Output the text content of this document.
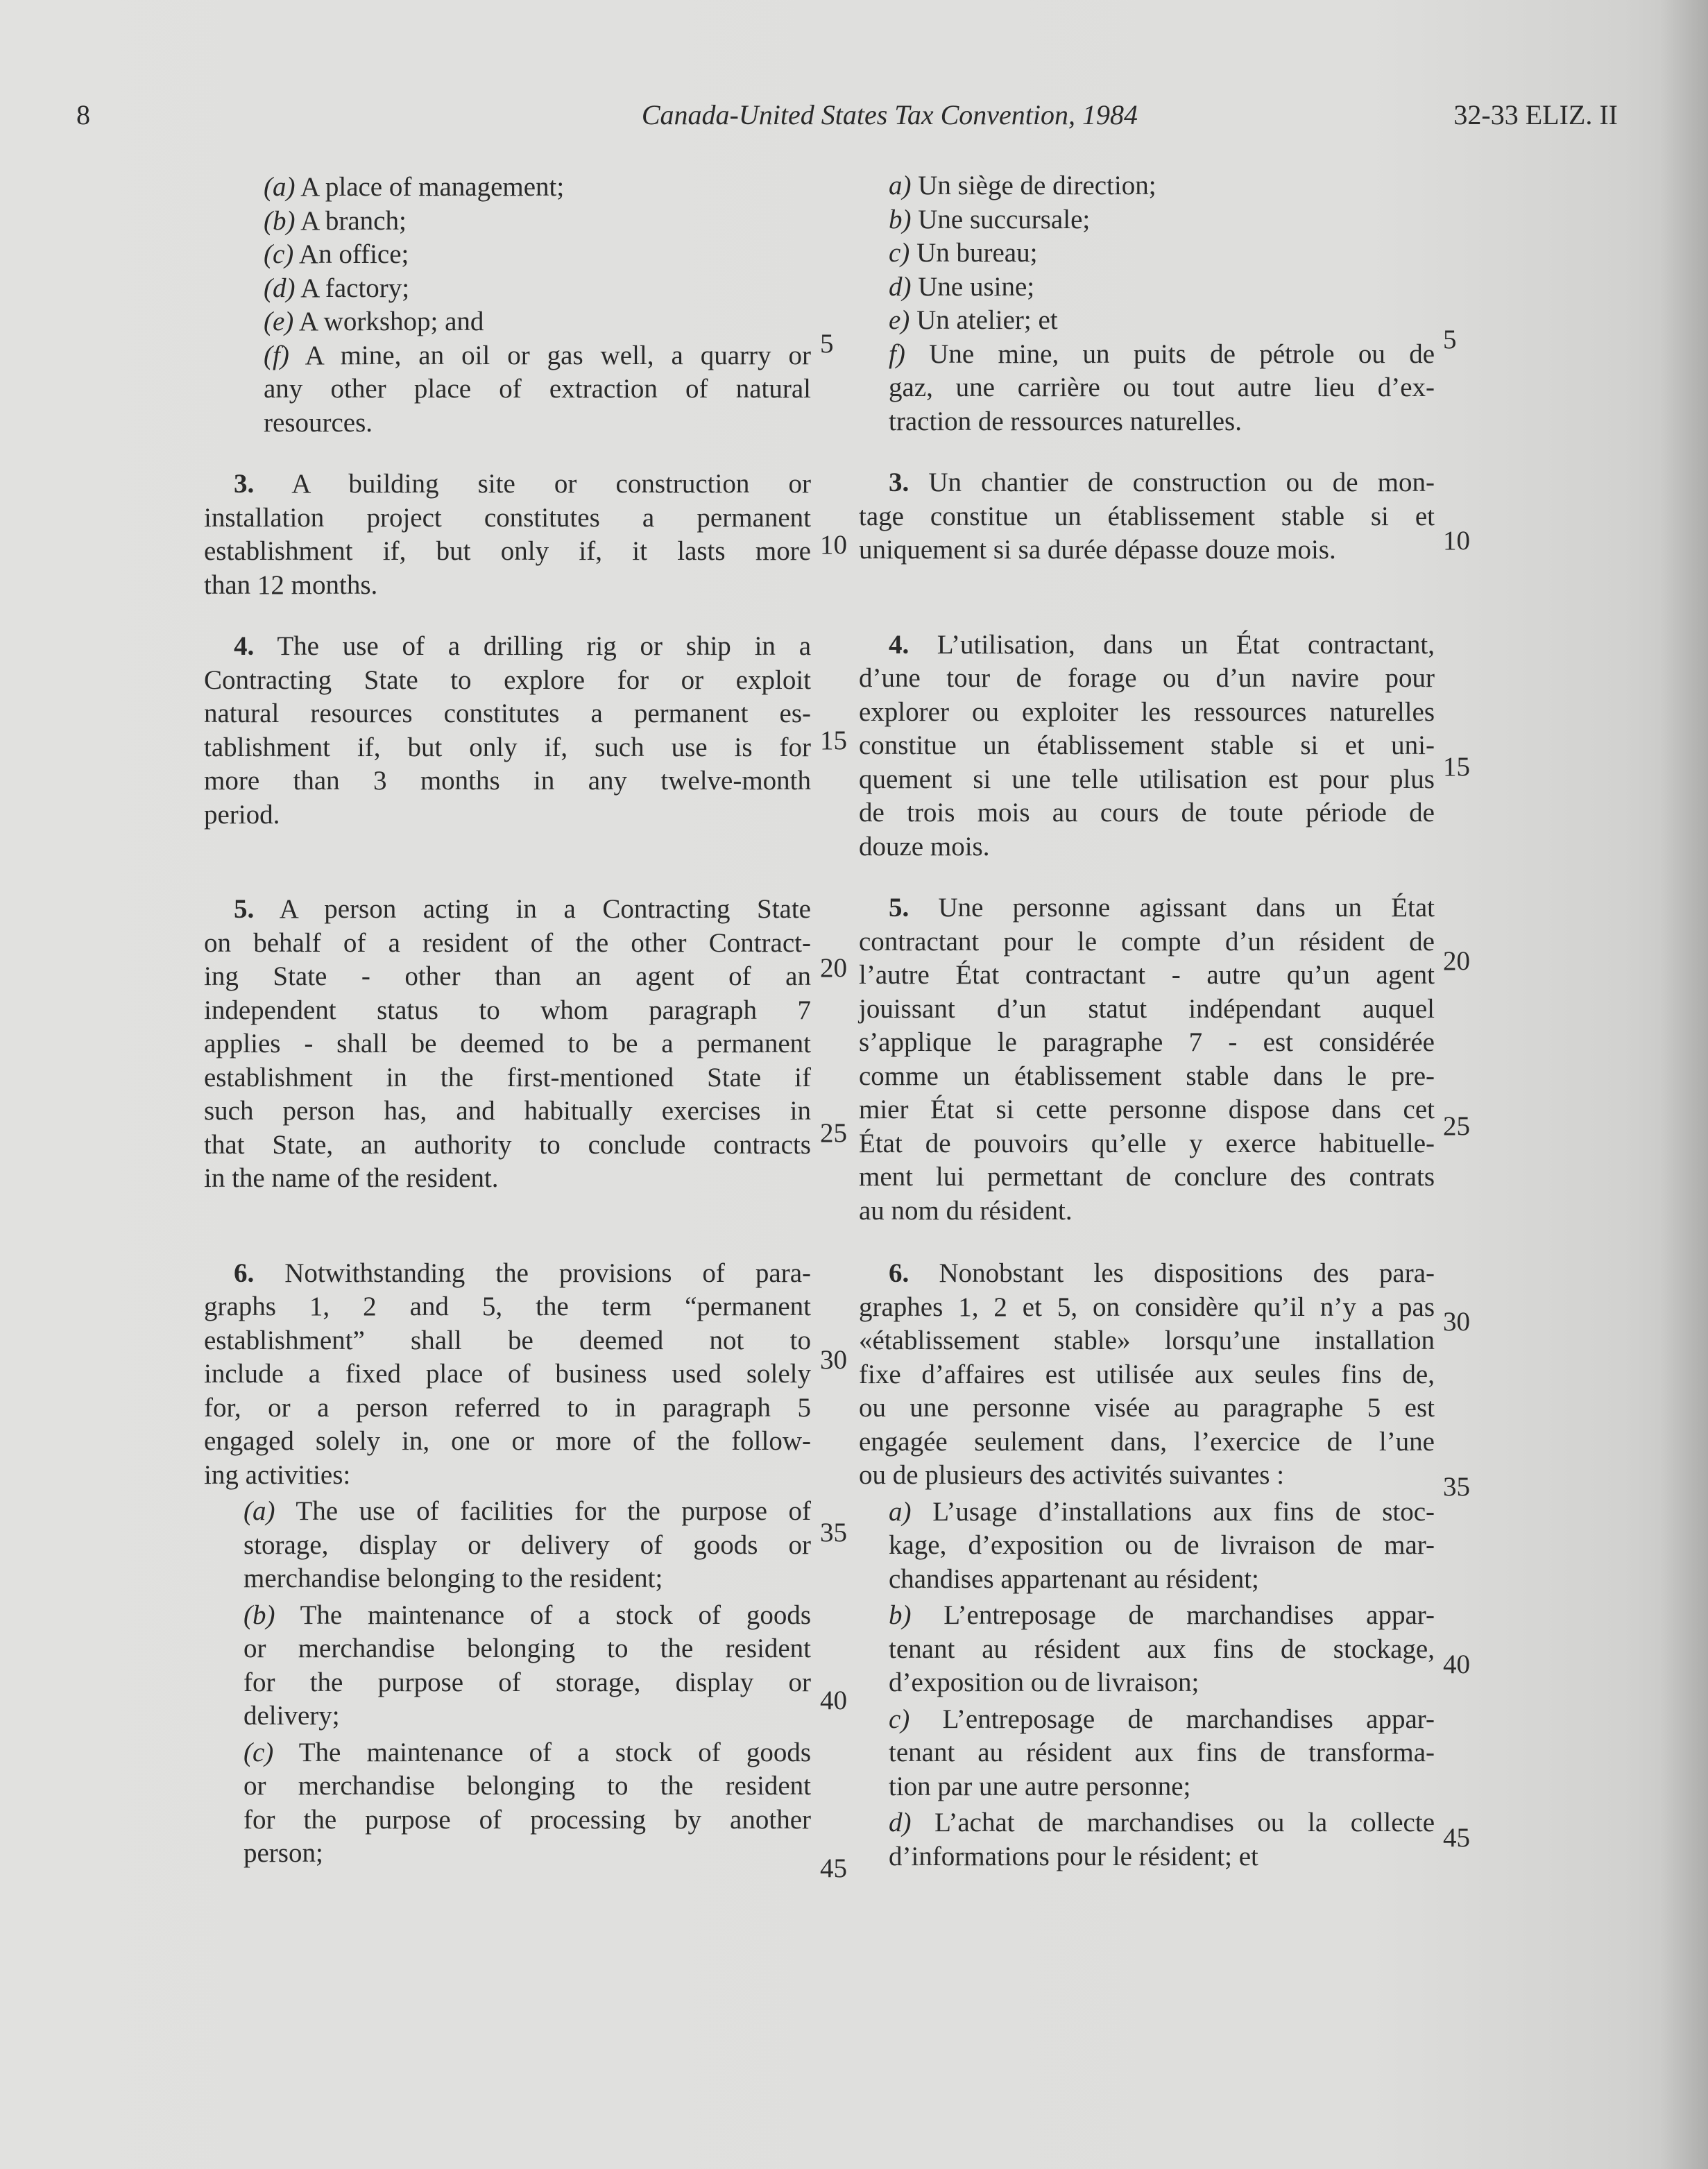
8	Canada-United States Tax Convention, 1984	32-33 ELIZ. II
(a) A place of management;
(b) A branch;
(c) An office;
(d) A factory;
(e) A workshop; and
(f) A mine, an oil or gas well, a quarry or
any other place of extraction of natural
resources.
3. A building site or construction or
installation project constitutes a permanent
establishment if, but only if, it lasts more
than 12 months.
4. The use of a drilling rig or ship in a
Contracting State to explore for or exploit
natural resources constitutes a permanent es-
tablishment if, but only if, such use is for
more than 3 months in any twelve-month
period.
5. A person acting in a Contracting State
on behalf of a resident of the other Contract-
ing State - other than an agent of an
independent status to whom paragraph 7
applies - shall be deemed to be a permanent
establishment in the first-mentioned State if
such person has, and habitually exercises in
that State, an authority to conclude contracts
in the name of the resident.
6. Notwithstanding the provisions of para-
graphs 1, 2 and 5, the term “permanent
establishment” shall be deemed not to
include a fixed place of business used solely
for, or a person referred to in paragraph 5
engaged solely in, one or more of the follow-
ing activities:
(a) The use of facilities for the purpose of
storage, display or delivery of goods or
merchandise belonging to the resident;
(b) The maintenance of a stock of goods
or merchandise belonging to the resident
for the purpose of storage, display or
delivery;
(c) The maintenance of a stock of goods
or merchandise belonging to the resident
for the purpose of processing by another
person;
5
10
15
20
25
30
35
40
45
a) Un siège de direction;
b) Une succursale;
c) Un bureau;
d) Une usine;
e) Un atelier; et
f) Une mine, un puits de pétrole ou de
gaz, une carrière ou tout autre lieu d’ex-
traction de ressources naturelles.
3. Un chantier de construction ou de mon-
tage constitue un établissement stable si et
uniquement si sa durée dépasse douze mois.
4. L’utilisation, dans un État contractant,
d’une tour de forage ou d’un navire pour
explorer ou exploiter les ressources naturelles
constitue un établissement stable si et uni-
quement si une telle utilisation est pour plus
de trois mois au cours de toute période de
douze mois.
5. Une personne agissant dans un État
contractant pour le compte d’un résident de
l’autre État contractant - autre qu’un agent
jouissant d’un statut indépendant auquel
s’applique le paragraphe 7 - est considérée
comme un établissement stable dans le pre-
mier État si cette personne dispose dans cet
État de pouvoirs qu’elle y exerce habituelle-
ment lui permettant de conclure des contrats
au nom du résident.
6. Nonobstant les dispositions des para-
graphes 1, 2 et 5, on considère qu’il n’y a pas
«établissement stable» lorsqu’une installation
fixe d’affaires est utilisée aux seules fins de,
ou une personne visée au paragraphe 5 est
engagée seulement dans, l’exercice de l’une
ou de plusieurs des activités suivantes :
a) L’usage d’installations aux fins de stoc-
kage, d’exposition ou de livraison de mar-
chandises appartenant au résident;
b) L’entreposage de marchandises appar-
tenant au résident aux fins de stockage,
d’exposition ou de livraison;
c) L’entreposage de marchandises appar-
tenant au résident aux fins de transforma-
tion par une autre personne;
d) L’achat de marchandises ou la collecte
d’informations pour le résident; et
5
10
15
20
25
30
35
40
45
